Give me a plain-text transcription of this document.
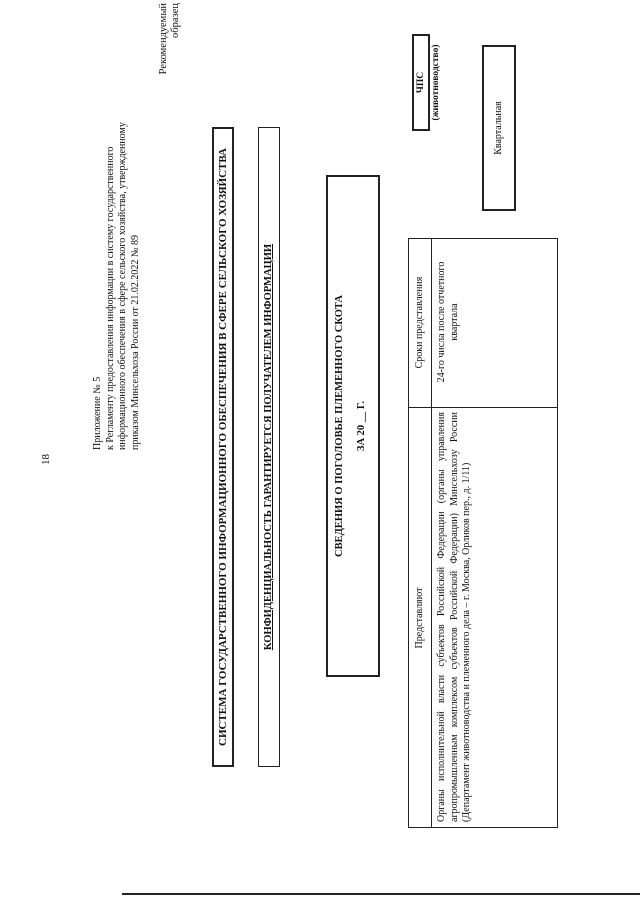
18
Приложение № 5 к Регламенту предоставления информации в систему государственного информационного обеспечения в сфере сельского хозяйства, утвержденному приказом Минсельхоза России от 21.02.2022 № 89
Рекомендуемый образец
СИСТЕМА ГОСУДАРСТВЕННОГО ИНФОРМАЦИОННОГО ОБЕСПЕЧЕНИЯ В СФЕРЕ СЕЛЬСКОГО ХОЗЯЙСТВА	КОНФИДЕНЦИАЛЬНОСТЬ ГАРАНТИРУЕТСЯ ПОЛУЧАТЕЛЕМ ИНФОРМАЦИИ	СВЕДЕНИЯ О ПОГОЛОВЬЕ ПЛЕМЕННОГО СКОТА ЗА 20 __ Г.
Представляют
Сроки представления
Органы исполнительной власти субъектов Российской Федерации (органы управления агропромышленным комплексом субъектов Российской Федерации) Минсельхозу России (Департамент животноводства и племенного дела – г. Москва, Орликов пер., д. 1/11)
24-го числа после отчетного квартала
ЧПС (животноводство)
Квартальная
